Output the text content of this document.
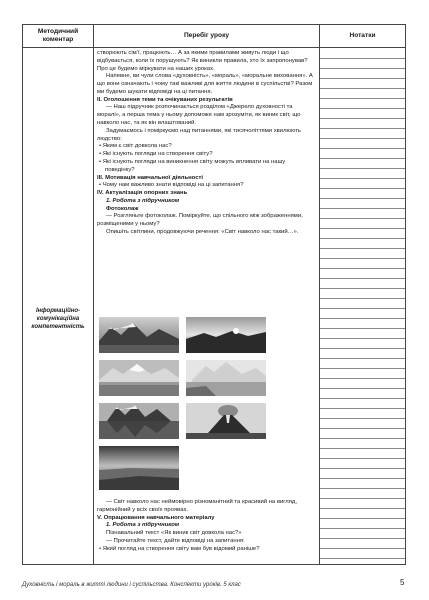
Методичний коментар
Інформаційно-комунікаційна компетентність
Перебіг уроку

створюють сім’ї, працюють… А за якими правилами живуть люди і що відбувається, коли їх порушують? Як виникли правила, хто їх запропонував? Про це будемо міркувати на наших уроках.

Напевне, ви чули слова «духовність», «мораль», «моральне виховання». А що вони означають і чому такі важливі для життя людини в суспільстві? Разом ми будемо шукати відповіді на ці питання.

II. Оголошення теми та очікуваних результатів

— Наш підручник розпочинається розділом «Джерело духовності та моралі», а перша тема у ньому допоможе нам зрозуміти, як виник світ, що навколо нас, та як він влаштований.

Задумаємось і поміркуємо над питаннями, які тисячоліттями хвилюють людство:

• Яким є світ довкола нас?

• Які існують погляди на створення світу?

• Які існують погляди на виникнення світу можуть впливати на нашу поведінку?

III. Мотивація навчальної діяльності

• Чому нам важливо знати відповіді на ці запитання?

IV. Актуалізація опорних знань

1. Робота з підручником

Фотоколаж

— Розгляньте фотоколаж. Поміркуйте, що спільного між зображеннями, розміщеними у ньому?

Опишіть світлини, продовжуючи речення: «Світ навколо нас такий…».

— Світ навколо нас неймовірно різноманітний та красивий на вигляд, гармонійний у всіх своїх проявах.

V. Опрацювання навчального матеріалу

1. Робота з підручником

Пізнавальний текст «Як виник світ довкола нас?»

— Прочитайте текст, дайте відповіді на запитання:

• Який погляд на створення світу вам був відомий раніше?

Нотатки
Духовність і мораль в житті людини і суспільства. Конспекти уроків. 5 клас	5
